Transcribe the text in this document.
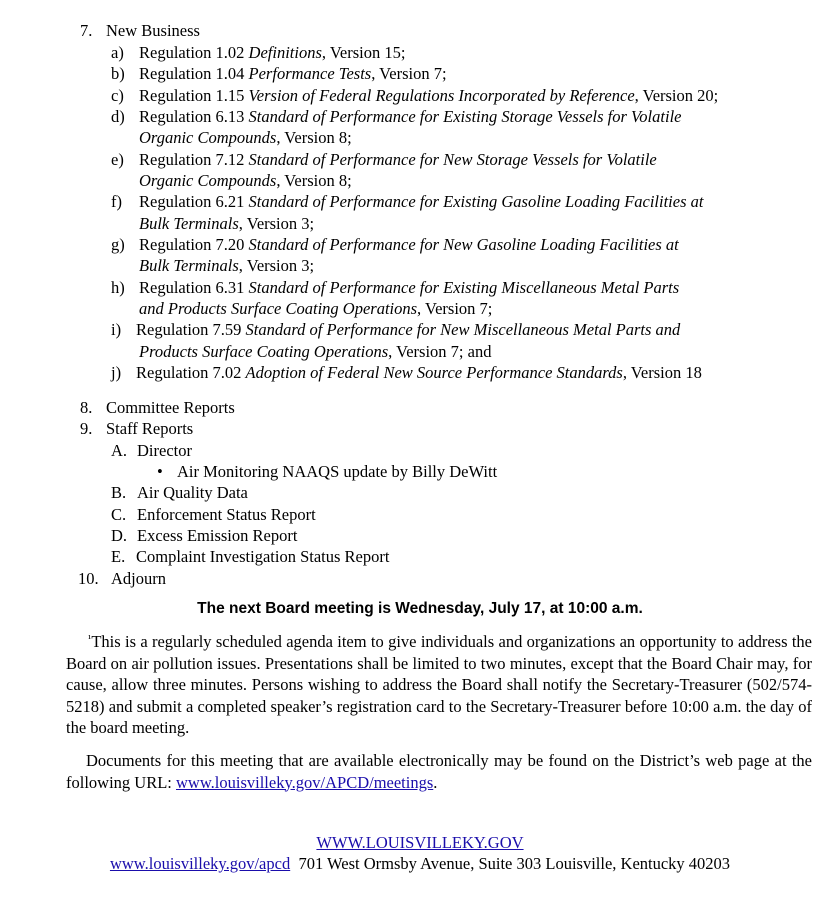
7. New Business
a) Regulation 1.02 Definitions, Version 15;
b) Regulation 1.04 Performance Tests, Version 7;
c) Regulation 1.15 Version of Federal Regulations Incorporated by Reference, Version 20;
d) Regulation 6.13 Standard of Performance for Existing Storage Vessels for Volatile
Organic Compounds, Version 8;
e) Regulation 7.12 Standard of Performance for New Storage Vessels for Volatile
Organic Compounds, Version 8;
f) Regulation 6.21 Standard of Performance for Existing Gasoline Loading Facilities at
Bulk Terminals, Version 3;
g) Regulation 7.20 Standard of Performance for New Gasoline Loading Facilities at
Bulk Terminals, Version 3;
h) Regulation 6.31 Standard of Performance for Existing Miscellaneous Metal Parts
and Products Surface Coating Operations, Version 7;
i) Regulation 7.59 Standard of Performance for New Miscellaneous Metal Parts and
Products Surface Coating Operations, Version 7; and
j) Regulation 7.02 Adoption of Federal New Source Performance Standards, Version 18
8. Committee Reports
9. Staff Reports
A. Director
• Air Monitoring NAAQS update by Billy DeWitt
B. Air Quality Data
C. Enforcement Status Report
D. Excess Emission Report
E. Complaint Investigation Status Report
10. Adjourn
The next Board meeting is Wednesday, July 17, at 10:00 a.m.

$^{^1}$This is a regularly scheduled agenda item to give individuals and organizations an opportunity to address the Board on air pollution issues. Presentations shall be limited to two minutes, except that the Board Chair may, for cause, allow three minutes. Persons wishing to address the Board shall notify the Secretary-Treasurer (502/574-5218) and submit a completed speaker’s registration card to the Secretary-Treasurer before 10:00 a.m. the day of the board meeting.

Documents for this meeting that are available electronically may be found on the District’s web page at the following URL: www.louisvilleky.gov/APCD/meetings.

WWW.LOUISVILLEKY.GOV
www.louisvilleky.gov/apcd 701 West Ormsby Avenue, Suite 303 Louisville, Kentucky 40203
